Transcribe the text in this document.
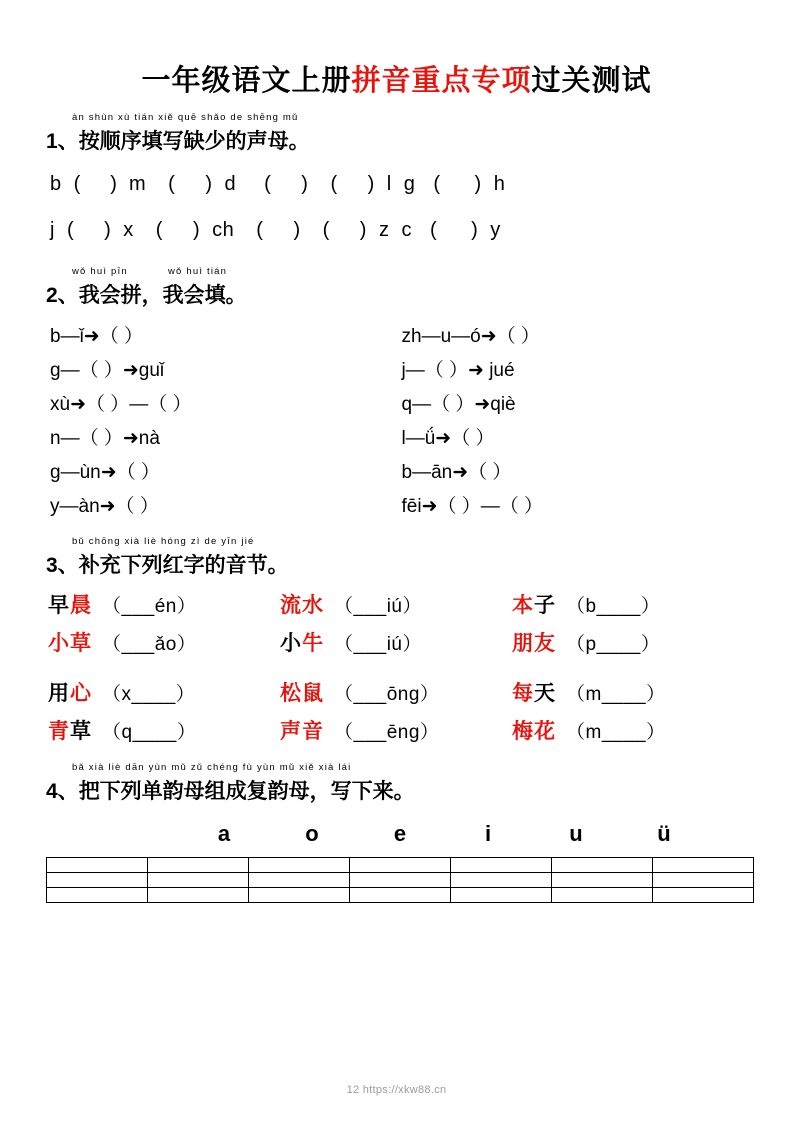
一年级语文上册拼音重点专项过关测试
àn shùn xù tián xiě quē shǎo de shēng mǔ
1、按顺序填写缺少的声母。
b ( ) m ( ) d ( ) ( ) l g ( ) h
j ( ) x ( ) ch ( ) ( ) z c ( ) y
wǒ huì pīn	wǒ huì tián
2、我会拼，我会填。
b—ǐ➜（ ）	zh—u—ó➜（ ）
g—（ ）➜guǐ	j—（ ）➜ jué
xù➜（ ）—（ ）	q—（ ）➜qiè
n—（ ）➜nà	l—ǘ➜（ ）
g—ùn➜（ ）	b—ān➜（ ）
y—àn➜（ ）	fēi➜（ ）—（ ）
bǔ chōng xià liè hóng zì de yīn jié
3、补充下列红字的音节。
早晨 （___én）	流水 （___iú）	本子 （b____）
小草 （___ǎo）	小牛 （___iú）	朋友 （p____）
用心 （x____）	松鼠 （___ōng）	每天 （m____）
青草 （q____）	声音 （___ēng）	梅花 （m____）
bǎ xià liè dān yùn mǔ zǔ chéng fù yùn mǔ xiě xià lái
4、把下列单韵母组成复韵母，写下来。
a	o	e	i	u	ü

12 https://xkw88.cn
